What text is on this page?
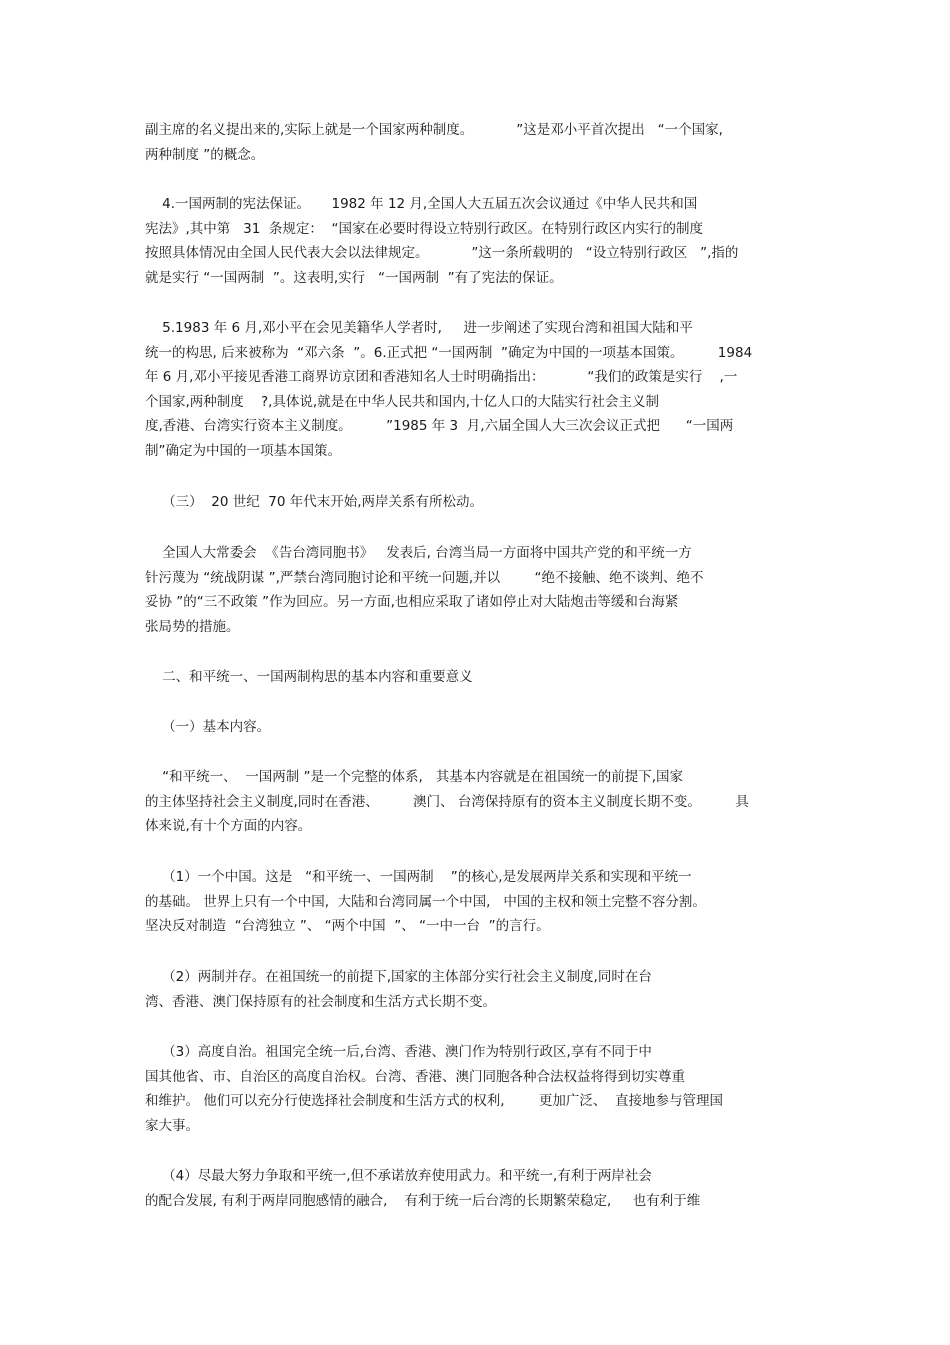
副主席的名义提出来的,实际上就是一个国家两种制度。          ”这是邓小平首次提出   “一个国家,
两种制度 ”的概念。
4.一国两制的宪法保证。     1982 年 12 月,全国人大五届五次会议通过《中华人民共和国
宪法》,其中第   31  条规定：  “国家在必要时得设立特别行政区。在特别行政区内实行的制度
按照具体情况由全国人民代表大会以法律规定。          ”这一条所载明的   “设立特别行政区   ”,指的
就是实行 “一国两制  ”。这表明,实行   “一国两制  ”有了宪法的保证。
5.1983 年 6 月,邓小平在会见美籍华人学者时,     进一步阐述了实现台湾和祖国大陆和平
统一的构思, 后来被称为  “邓六条  ”。6.正式把 “一国两制  ”确定为中国的一项基本国策。        1984
年 6 月,邓小平接见香港工商界访京团和香港知名人士时明确指出：          “我们的政策是实行    ,一
个国家,两种制度    ?,具体说,就是在中华人民共和国内,十亿人口的大陆实行社会主义制
度,香港、台湾实行资本主义制度。        ”1985 年 3  月,六届全国人大三次会议正式把      “一国两
制”确定为中国的一项基本国策。
（三）  20 世纪  70 年代末开始,两岸关系有所松动。
全国人大常委会  《告台湾同胞书》   发表后, 台湾当局一方面将中国共产党的和平统一方
针污蔑为 “统战阴谋 ”,严禁台湾同胞讨论和平统一问题,并以        “绝不接触、绝不谈判、绝不
妥协 ”的“三不政策 ”作为回应。另一方面,也相应采取了诸如停止对大陆炮击等缓和台海紧
张局势的措施。
二、和平统一、一国两制构思的基本内容和重要意义
（一）基本内容。
“和平统一、  一国两制 ”是一个完整的体系,   其基本内容就是在祖国统一的前提下,国家
的主体坚持社会主义制度,同时在香港、        澳门、 台湾保持原有的资本主义制度长期不变。        具
体来说,有十个方面的内容。
（1）一个中国。这是   “和平统一、一国两制    ”的核心,是发展两岸关系和实现和平统一
的基础。 世界上只有一个中国,  大陆和台湾同属一个中国,   中国的主权和领土完整不容分割。
坚决反对制造  “台湾独立 ”、 “两个中国  ”、 “一中一台  ”的言行。
（2）两制并存。在祖国统一的前提下,国家的主体部分实行社会主义制度,同时在台
湾、香港、澳门保持原有的社会制度和生活方式长期不变。
（3）高度自治。祖国完全统一后,台湾、香港、澳门作为特别行政区,享有不同于中
国其他省、市、自治区的高度自治权。台湾、香港、澳门同胞各种合法权益将得到切实尊重
和维护。 他们可以充分行使选择社会制度和生活方式的权利,        更加广泛、  直接地参与管理国
家大事。
（4）尽最大努力争取和平统一,但不承诺放弃使用武力。和平统一,有利于两岸社会
的配合发展, 有利于两岸同胞感情的融合,    有利于统一后台湾的长期繁荣稳定,     也有利于维
